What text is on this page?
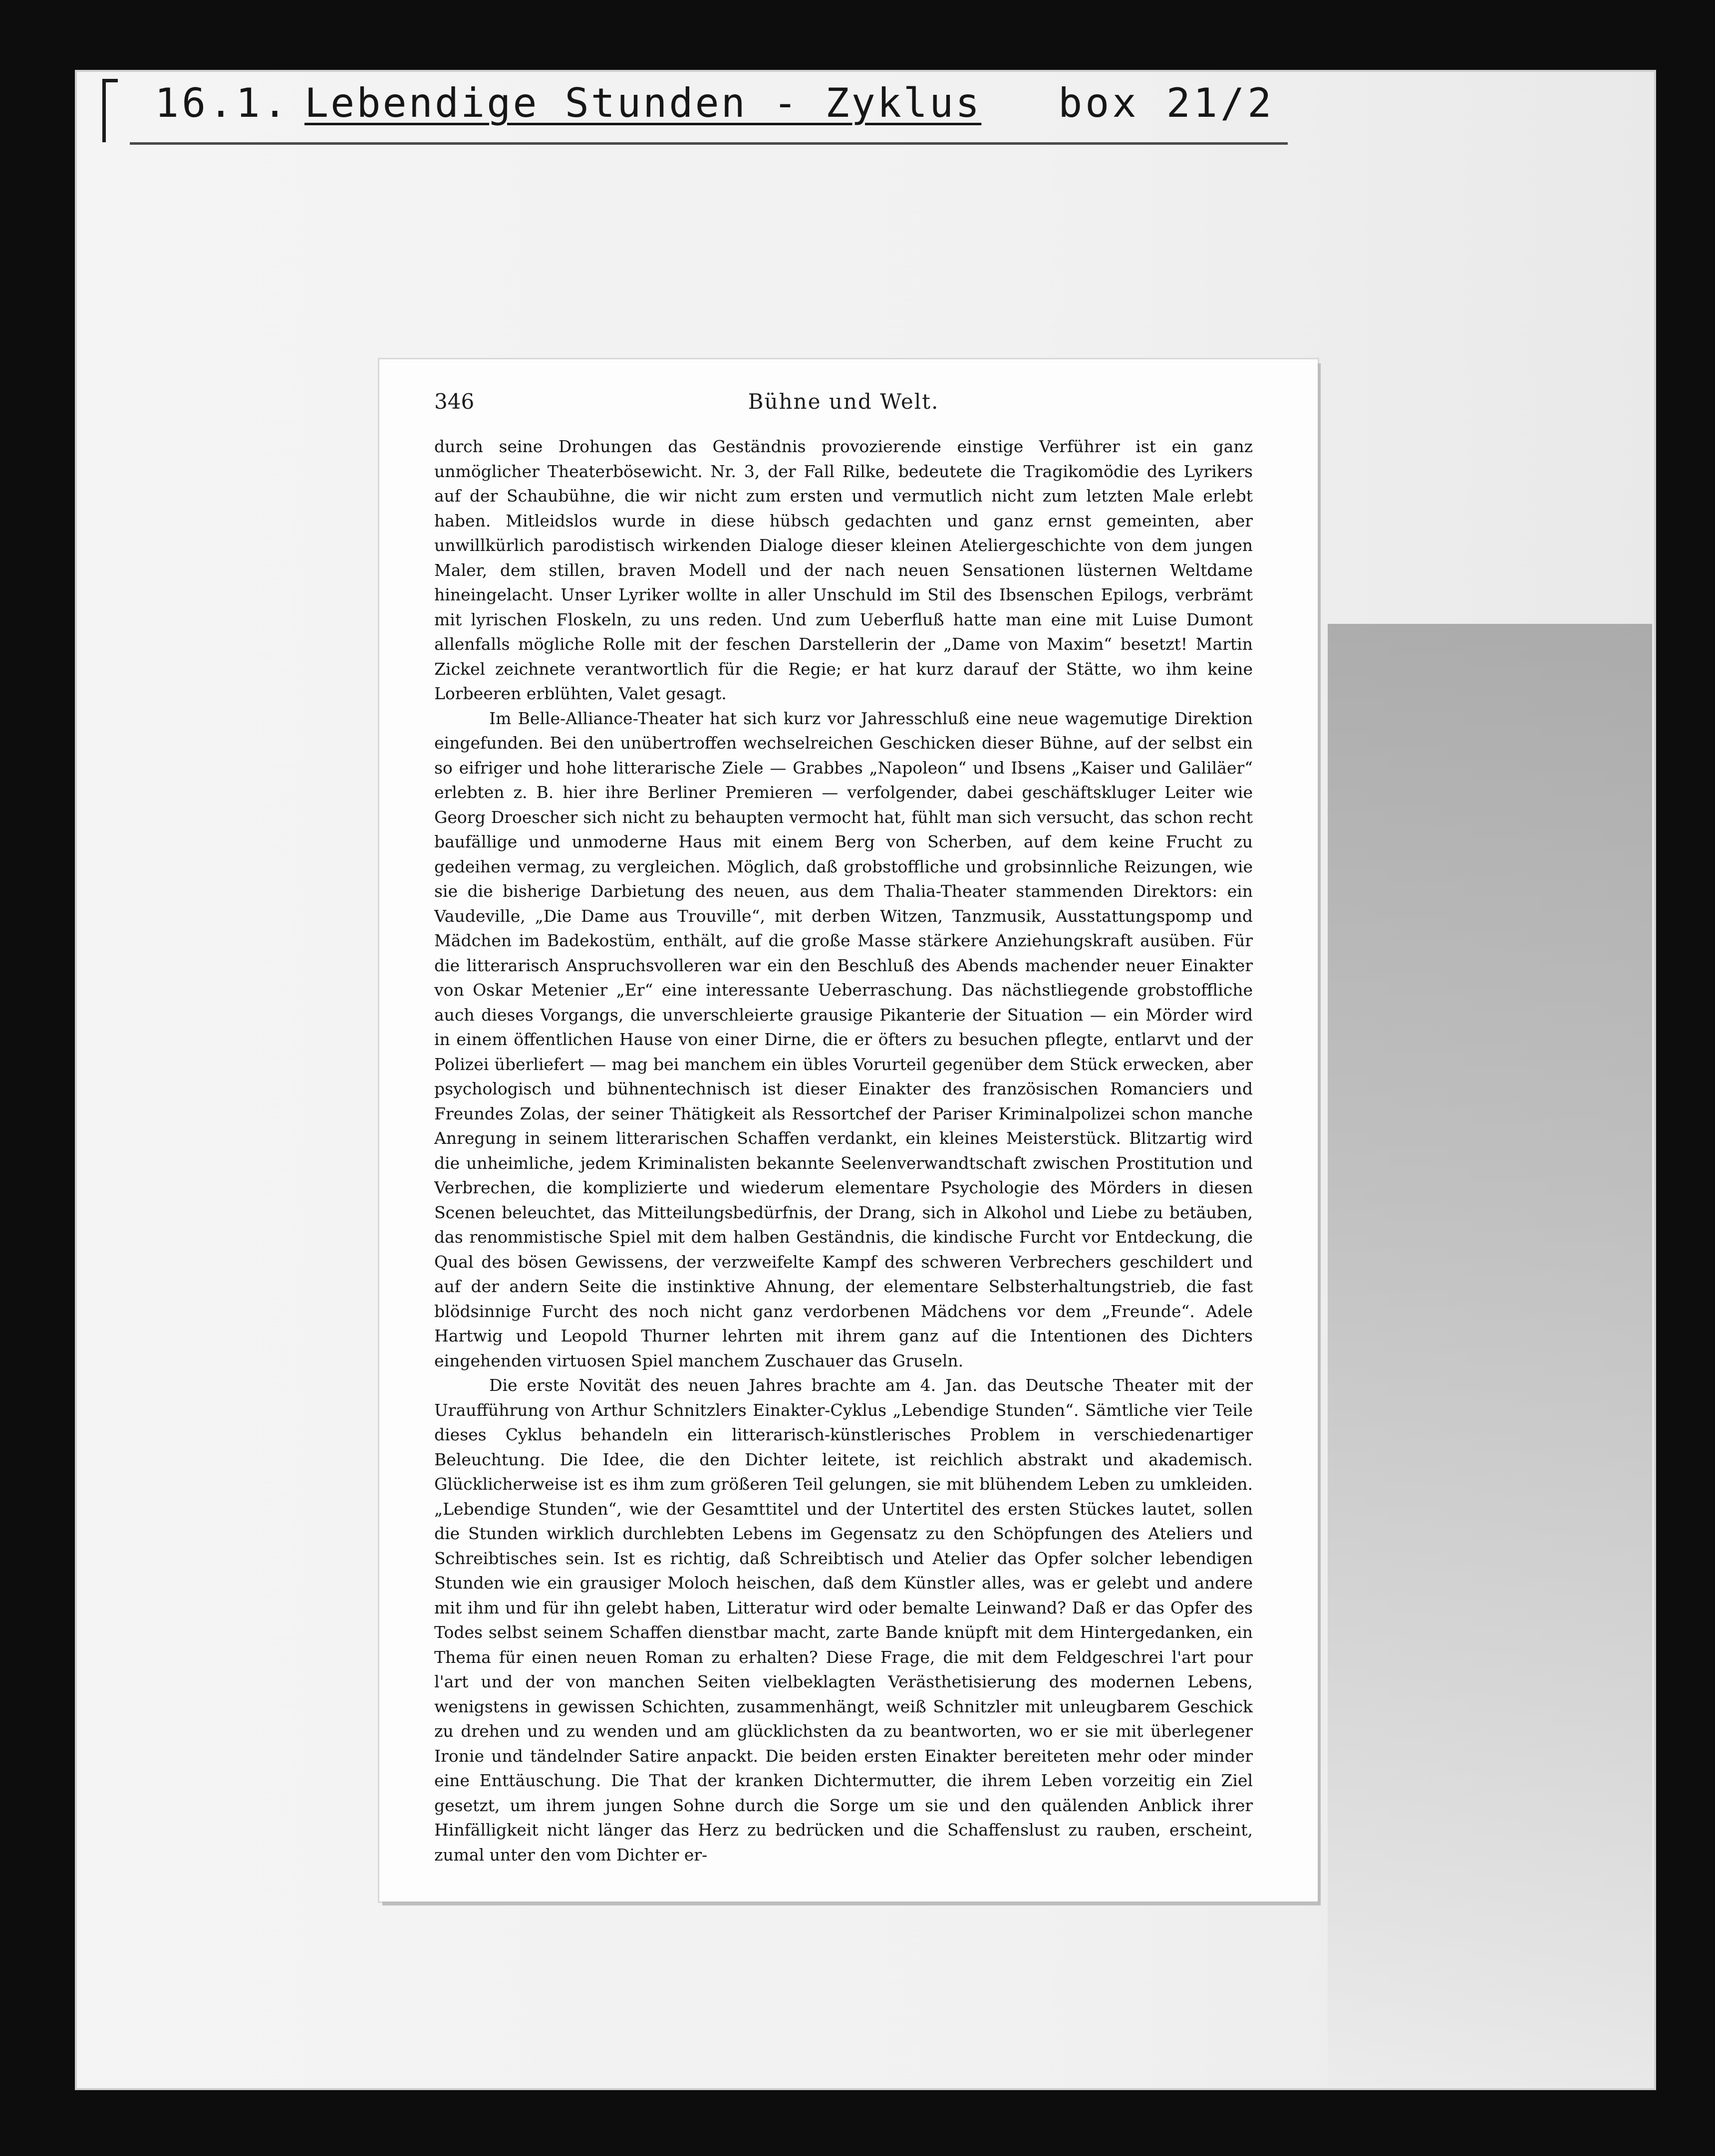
16.1. Lebendige Stunden - Zyklus box 21/2
Bühne und Welt.
346

durch seine Drohungen das Geständnis provozierende einstige Verführer ist ein ganz unmöglicher Theaterbösewicht. Nr. 3, der Fall Rilke, bedeutete die Tragikomödie des Lyrikers auf der Schaubühne, die wir nicht zum ersten und vermutlich nicht zum letzten Male erlebt haben. Mitleidslos wurde in diese hübsch gedachten und ganz ernst gemeinten, aber unwillkürlich parodistisch wirkenden Dialoge dieser kleinen Ateliergeschichte von dem jungen Maler, dem stillen, braven Modell und der nach neuen Sensationen lüsternen Weltdame hineingelacht. Unser Lyriker wollte in aller Unschuld im Stil des Ibsenschen Epilogs, verbrämt mit lyrischen Floskeln, zu uns reden. Und zum Ueberfluß hatte man eine mit Luise Dumont allenfalls mögliche Rolle mit der feschen Darstellerin der „Dame von Maxim“ besetzt! Martin Zickel zeichnete verantwortlich für die Regie; er hat kurz darauf der Stätte, wo ihm keine Lorbeeren erblühten, Valet gesagt.

Im Belle-Alliance-Theater hat sich kurz vor Jahresschluß eine neue wagemutige Direktion eingefunden. Bei den unübertroffen wechselreichen Geschicken dieser Bühne, auf der selbst ein so eifriger und hohe litterarische Ziele — Grabbes „Napoleon“ und Ibsens „Kaiser und Galiläer“ erlebten z. B. hier ihre Berliner Premieren — verfolgender, dabei geschäftskluger Leiter wie Georg Droescher sich nicht zu behaupten vermocht hat, fühlt man sich versucht, das schon recht baufällige und unmoderne Haus mit einem Berg von Scherben, auf dem keine Frucht zu gedeihen vermag, zu vergleichen. Möglich, daß grobstoffliche und grobsinnliche Reizungen, wie sie die bisherige Darbietung des neuen, aus dem Thalia-Theater stammenden Direktors: ein Vaudeville, „Die Dame aus Trouville“, mit derben Witzen, Tanzmusik, Ausstattungspomp und Mädchen im Badekostüm, enthält, auf die große Masse stärkere Anziehungskraft ausüben. Für die litterarisch Anspruchsvolleren war ein den Beschluß des Abends machender neuer Einakter von Oskar Metenier „Er“ eine interessante Ueberraschung. Das nächstliegende grobstoffliche auch dieses Vorgangs, die unverschleierte grausige Pikanterie der Situation — ein Mörder wird in einem öffentlichen Hause von einer Dirne, die er öfters zu besuchen pflegte, entlarvt und der Polizei überliefert — mag bei manchem ein übles Vorurteil gegenüber dem Stück erwecken, aber psychologisch und bühnentechnisch ist dieser Einakter des französischen Romanciers und Freundes Zolas, der seiner Thätigkeit als Ressortchef der Pariser Kriminalpolizei schon manche Anregung in seinem litterarischen Schaffen verdankt, ein kleines Meisterstück. Blitzartig wird die unheimliche, jedem Kriminalisten bekannte Seelenverwandtschaft zwischen Prostitution und Verbrechen, die komplizierte und wiederum elementare Psychologie des Mörders in diesen Scenen beleuchtet, das Mitteilungsbedürfnis, der Drang, sich in Alkohol und Liebe zu betäuben, das renommistische Spiel mit dem halben Geständnis, die kindische Furcht vor Entdeckung, die Qual des bösen Gewissens, der verzweifelte Kampf des schweren Verbrechers geschildert und auf der andern Seite die instinktive Ahnung, der elementare Selbsterhaltungstrieb, die fast blödsinnige Furcht des noch nicht ganz verdorbenen Mädchens vor dem „Freunde“. Adele Hartwig und Leopold Thurner lehrten mit ihrem ganz auf die Intentionen des Dichters eingehenden virtuosen Spiel manchem Zuschauer das Gruseln.

Die erste Novität des neuen Jahres brachte am 4. Jan. das Deutsche Theater mit der Uraufführung von Arthur Schnitzlers Einakter-Cyklus „Lebendige Stunden“. Sämtliche vier Teile dieses Cyklus behandeln ein litterarisch-künstlerisches Problem in verschiedenartiger Beleuchtung. Die Idee, die den Dichter leitete, ist reichlich abstrakt und akademisch. Glücklicherweise ist es ihm zum größeren Teil gelungen, sie mit blühendem Leben zu umkleiden. „Lebendige Stunden“, wie der Gesamttitel und der Untertitel des ersten Stückes lautet, sollen die Stunden wirklich durchlebten Lebens im Gegensatz zu den Schöpfungen des Ateliers und Schreibtisches sein. Ist es richtig, daß Schreibtisch und Atelier das Opfer solcher lebendigen Stunden wie ein grausiger Moloch heischen, daß dem Künstler alles, was er gelebt und andere mit ihm und für ihn gelebt haben, Litteratur wird oder bemalte Leinwand? Daß er das Opfer des Todes selbst seinem Schaffen dienstbar macht, zarte Bande knüpft mit dem Hintergedanken, ein Thema für einen neuen Roman zu erhalten? Diese Frage, die mit dem Feldgeschrei l'art pour l'art und der von manchen Seiten vielbeklagten Verästhetisierung des modernen Lebens, wenigstens in gewissen Schichten, zusammenhängt, weiß Schnitzler mit unleugbarem Geschick zu drehen und zu wenden und am glücklichsten da zu beantworten, wo er sie mit überlegener Ironie und tändelnder Satire anpackt. Die beiden ersten Einakter bereiteten mehr oder minder eine Enttäuschung. Die That der kranken Dichtermutter, die ihrem Leben vorzeitig ein Ziel gesetzt, um ihrem jungen Sohne durch die Sorge um sie und den quälenden Anblick ihrer Hinfälligkeit nicht länger das Herz zu bedrücken und die Schaffenslust zu rauben, erscheint, zumal unter den vom Dichter er-
